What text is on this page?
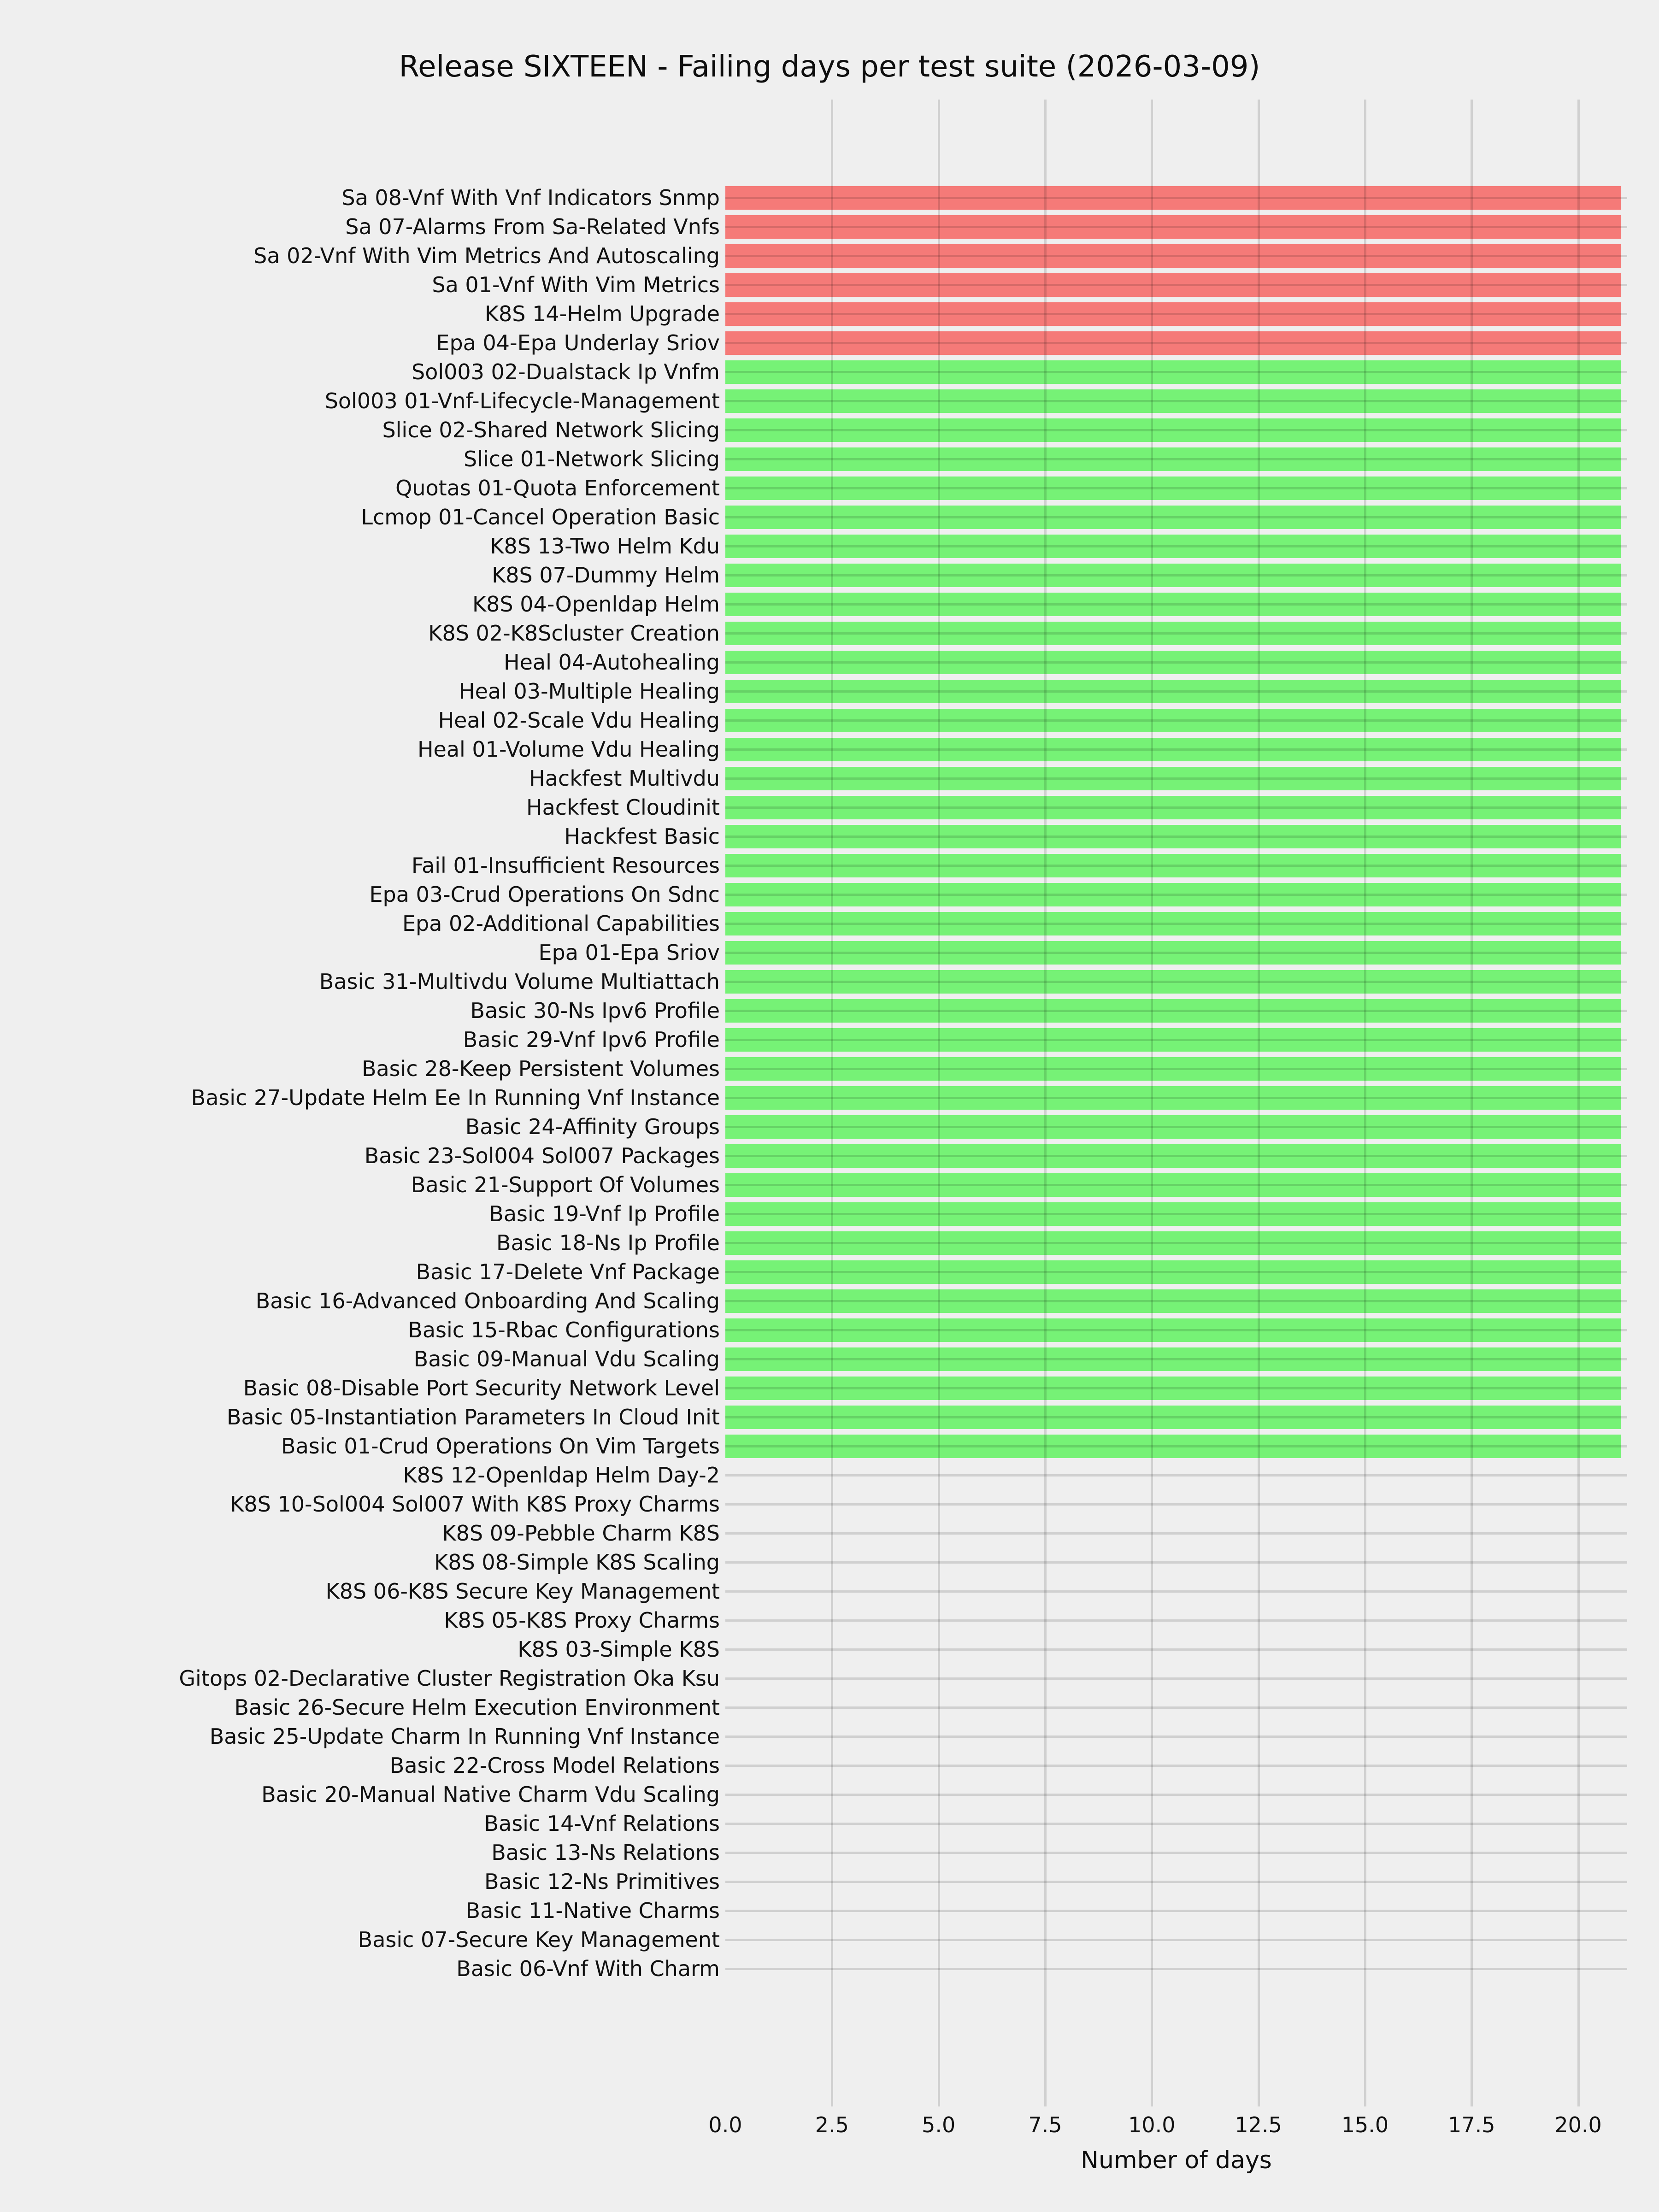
Release SIXTEEN - Failing days per test suite (2026-03-09)
Sa 08-Vnf With Vnf Indicators Snmp
Sa 07-Alarms From Sa-Related Vnfs
Sa 02-Vnf With Vim Metrics And Autoscaling
Sa 01-Vnf With Vim Metrics
K8S 14-Helm Upgrade
Epa 04-Epa Underlay Sriov
Sol003 02-Dualstack Ip Vnfm
Sol003 01-Vnf-Lifecycle-Management
Slice 02-Shared Network Slicing
Slice 01-Network Slicing
Quotas 01-Quota Enforcement
Lcmop 01-Cancel Operation Basic
K8S 13-Two Helm Kdu
K8S 07-Dummy Helm
K8S 04-Openldap Helm
K8S 02-K8Scluster Creation
Heal 04-Autohealing
Heal 03-Multiple Healing
Heal 02-Scale Vdu Healing
Heal 01-Volume Vdu Healing
Hackfest Multivdu
Hackfest Cloudinit
Hackfest Basic
Fail 01-Insufficient Resources
Epa 03-Crud Operations On Sdnc
Epa 02-Additional Capabilities
Epa 01-Epa Sriov
Basic 31-Multivdu Volume Multiattach
Basic 30-Ns Ipv6 Profile
Basic 29-Vnf Ipv6 Profile
Basic 28-Keep Persistent Volumes
Basic 27-Update Helm Ee In Running Vnf Instance
Basic 24-Affinity Groups
Basic 23-Sol004 Sol007 Packages
Basic 21-Support Of Volumes
Basic 19-Vnf Ip Profile
Basic 18-Ns Ip Profile
Basic 17-Delete Vnf Package
Basic 16-Advanced Onboarding And Scaling
Basic 15-Rbac Configurations
Basic 09-Manual Vdu Scaling
Basic 08-Disable Port Security Network Level
Basic 05-Instantiation Parameters In Cloud Init
Basic 01-Crud Operations On Vim Targets
K8S 12-Openldap Helm Day-2
K8S 10-Sol004 Sol007 With K8S Proxy Charms
K8S 09-Pebble Charm K8S
K8S 08-Simple K8S Scaling
K8S 06-K8S Secure Key Management
K8S 05-K8S Proxy Charms
K8S 03-Simple K8S
Gitops 02-Declarative Cluster Registration Oka Ksu
Basic 26-Secure Helm Execution Environment
Basic 25-Update Charm In Running Vnf Instance
Basic 22-Cross Model Relations
Basic 20-Manual Native Charm Vdu Scaling
Basic 14-Vnf Relations
Basic 13-Ns Relations
Basic 12-Ns Primitives
Basic 11-Native Charms
Basic 07-Secure Key Management
Basic 06-Vnf With Charm
0.0	2.5	5.0	7.5	10.0	12.5	15.0	17.5	20.0
Number of days
